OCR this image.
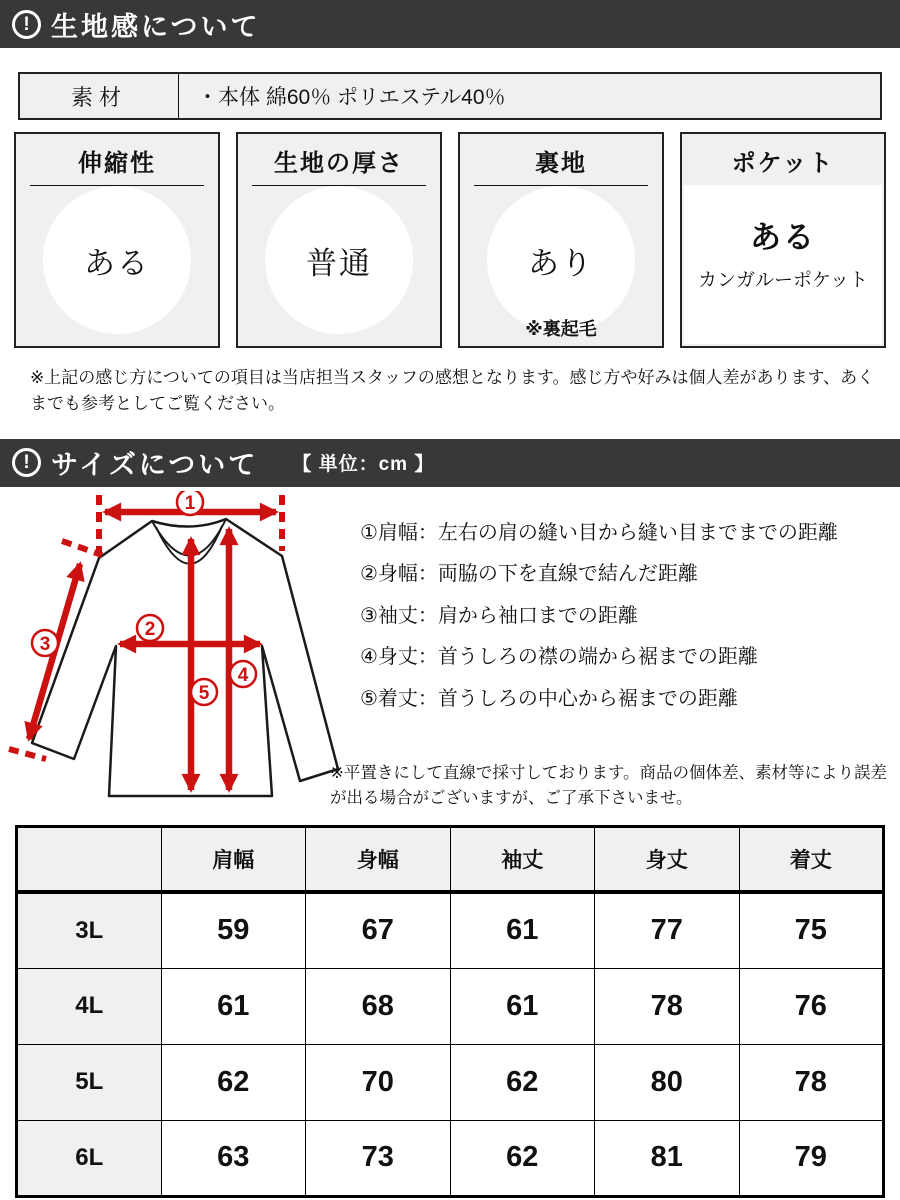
! 生地感について
素材	・本体 綿60％ ポリエステル40％
伸縮性
ある
生地の厚さ
普通
裏地
あり
※裏起毛
ポケット
ある
カンガルーポケット

※上記の感じ方についての項目は当店担当スタッフの感想となります。感じ方や好みは個人差があります、あくまでも参考としてご覧ください。

! サイズについて 【 単位：cm 】
1
2
3
4
5
①肩幅：左右の肩の縫い目から縫い目までまでの距離
②身幅：両脇の下を直線で結んだ距離
③袖丈：肩から袖口までの距離
④身丈：首うしろの襟の端から裾までの距離
⑤着丈：首うしろの中心から裾までの距離

※平置きにして直線で採寸しております。商品の個体差、素材等により誤差が出る場合がございますが、ご了承下さいませ。

	肩幅	身幅	袖丈	身丈	着丈
3L	59	67	61	77	75
4L	61	68	61	78	76
5L	62	70	62	80	78
6L	63	73	62	81	79
